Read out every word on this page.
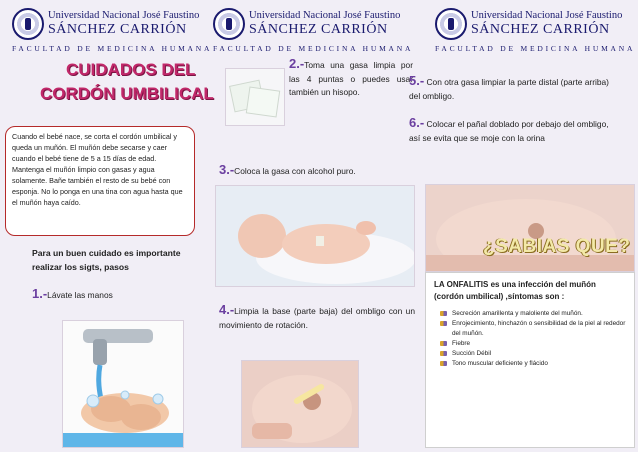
Universidad Nacional José Faustino
SÁNCHEZ CARRIÓN
FACULTAD DE MEDICINA HUMANA
CUIDADOS DEL
CORDÓN UMBILICAL
Cuando el bebé nace, se corta el cordón umbilical y queda un muñón. El muñón debe secarse y caer cuando el bebé tiene de 5 a 15 días de edad. Mantenga el muñón limpio con gasas y agua solamente. Bañe también el resto de su bebé con esponja. No lo ponga en una tina con agua hasta que el muñón haya caído.
Para un buen cuidado es importante realizar los sigts, pasos
1.-Lávate las manos
Universidad Nacional José Faustino
SÁNCHEZ CARRIÓN
FACULTAD DE MEDICINA HUMANA
2.-Toma una gasa limpia por las 4 puntas o puedes usar también un hisopo.
3.-Coloca la gasa con alcohol puro.
4.-Limpia la base (parte baja) del ombligo con un movimiento de rotación.
Universidad Nacional José Faustino
SÁNCHEZ CARRIÓN
FACULTAD DE MEDICINA HUMANA
5.- Con otra gasa limpiar la parte distal (parte arriba) del ombligo.
6.- Colocar el pañal doblado por debajo del ombligo, así se evita que se moje con la orina
¿SABIAS QUE?
LA ONFALITIS es una infección del muñón (cordón umbilical) ,síntomas son :
Secreción amarillenta y maloliente del muñón.
Enrojecimiento, hinchazón o sensibilidad de la piel al rededor del muñón.
Fiebre
Succión Débil
Tono muscular deficiente y flácido
